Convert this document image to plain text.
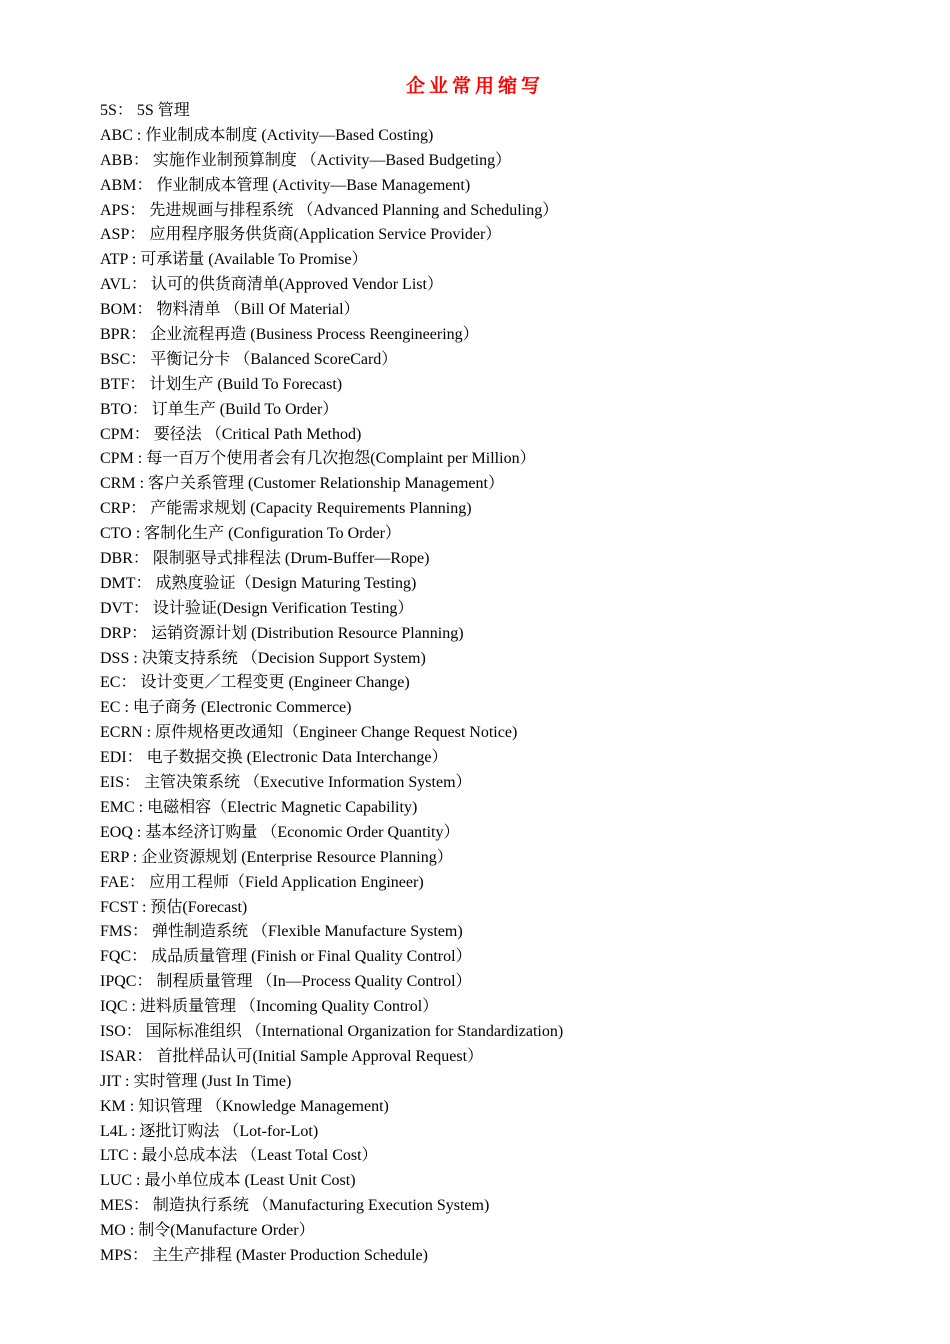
企业常用缩写
5S： 5S 管理
ABC : 作业制成本制度 (Activity—Based Costing)
ABB： 实施作业制预算制度 （Activity—Based Budgeting）
ABM： 作业制成本管理 (Activity—Base Management)
APS： 先进规画与排程系统 （Advanced Planning and Scheduling）
ASP： 应用程序服务供货商(Application Service Provider）
ATP : 可承诺量 (Available To Promise）
AVL： 认可的供货商清单(Approved Vendor List）
BOM： 物料清单 （Bill Of Material）
BPR： 企业流程再造 (Business Process Reengineering）
BSC： 平衡记分卡 （Balanced ScoreCard）
BTF： 计划生产 (Build To Forecast)
BTO： 订单生产 (Build To Order）
CPM： 要径法 （Critical Path Method)
CPM : 每一百万个使用者会有几次抱怨(Complaint per Million）
CRM : 客户关系管理 (Customer Relationship Management）
CRP： 产能需求规划 (Capacity Requirements Planning)
CTO : 客制化生产 (Configuration To Order）
DBR： 限制驱导式排程法 (Drum-Buffer—Rope)
DMT： 成熟度验证（Design Maturing Testing)
DVT： 设计验证(Design Verification Testing）
DRP： 运销资源计划 (Distribution Resource Planning)
DSS : 决策支持系统 （Decision Support System)
EC： 设计变更／工程变更 (Engineer Change)
EC : 电子商务 (Electronic Commerce)
ECRN : 原件规格更改通知（Engineer Change Request Notice)
EDI： 电子数据交换 (Electronic Data Interchange）
EIS： 主管决策系统 （Executive Information System）
EMC : 电磁相容（Electric Magnetic Capability)
EOQ : 基本经济订购量 （Economic Order Quantity）
ERP : 企业资源规划 (Enterprise Resource Planning）
FAE： 应用工程师（Field Application Engineer)
FCST : 预估(Forecast)
FMS： 弹性制造系统 （Flexible Manufacture System)
FQC： 成品质量管理 (Finish or Final Quality Control）
IPQC： 制程质量管理 （In—Process Quality Control）
IQC : 进料质量管理 （Incoming Quality Control）
ISO： 国际标准组织 （International Organization for Standardization)
ISAR： 首批样品认可(Initial Sample Approval Request）
JIT : 实时管理 (Just In Time)
KM : 知识管理 （Knowledge Management)
L4L : 逐批订购法 （Lot-for-Lot)
LTC : 最小总成本法 （Least Total Cost）
LUC : 最小单位成本 (Least Unit Cost)
MES： 制造执行系统 （Manufacturing Execution System)
MO : 制令(Manufacture Order）
MPS： 主生产排程 (Master Production Schedule)
